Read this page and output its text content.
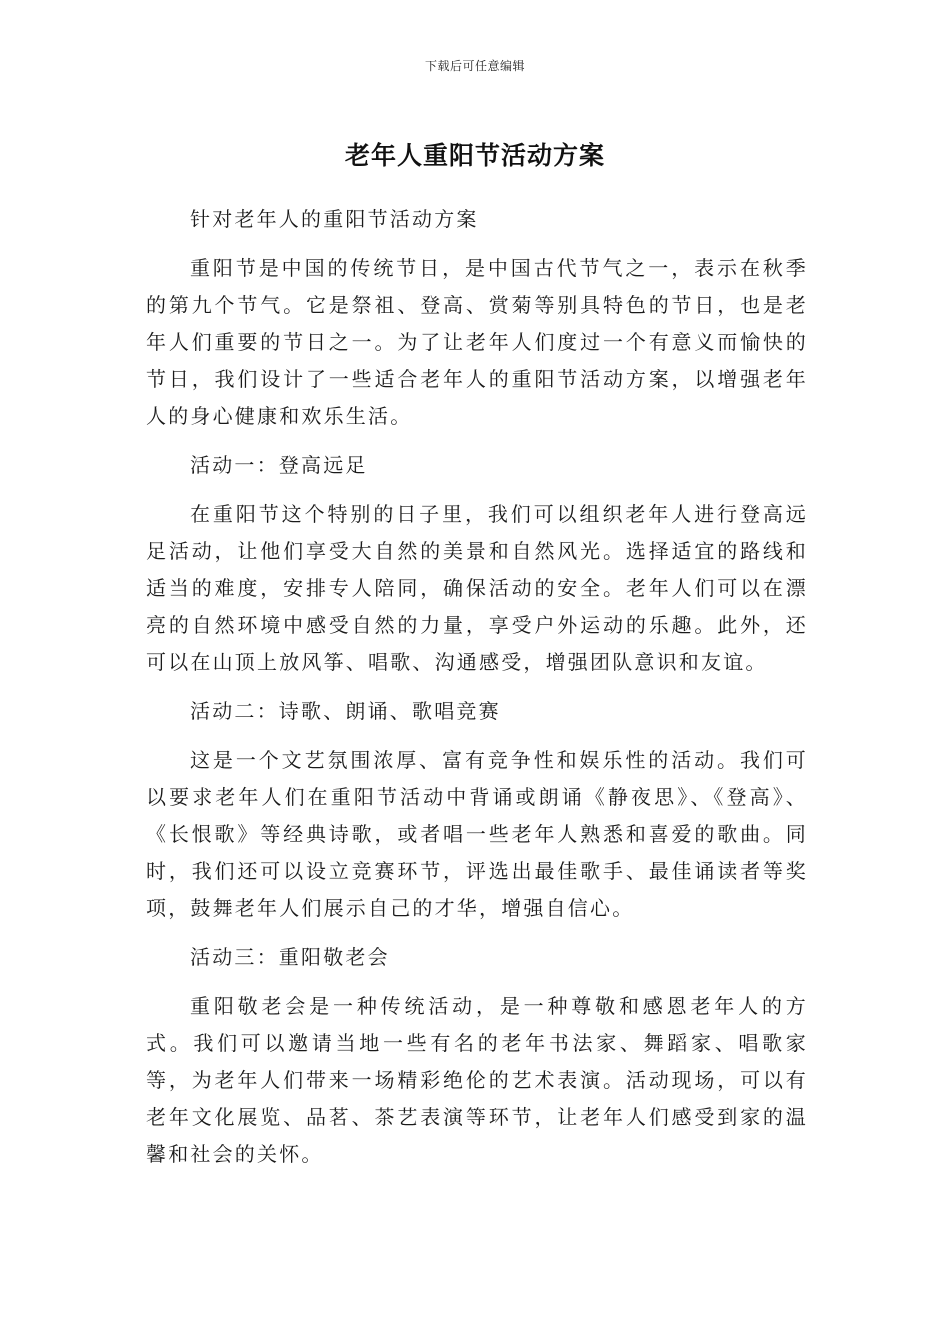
下载后可任意编辑
老年人重阳节活动方案

针对老年人的重阳节活动方案

重阳节是中国的传统节日，是中国古代节气之一，表示在秋季的第九个节气。它是祭祖、登高、赏菊等别具特色的节日，也是老年人们重要的节日之一。为了让老年人们度过一个有意义而愉快的节日，我们设计了一些适合老年人的重阳节活动方案，以增强老年人的身心健康和欢乐生活。

活动一：登高远足

在重阳节这个特别的日子里，我们可以组织老年人进行登高远足活动，让他们享受大自然的美景和自然风光。选择适宜的路线和适当的难度，安排专人陪同，确保活动的安全。老年人们可以在漂亮的自然环境中感受自然的力量，享受户外运动的乐趣。此外，还可以在山顶上放风筝、唱歌、沟通感受，增强团队意识和友谊。

活动二：诗歌、朗诵、歌唱竞赛

这是一个文艺氛围浓厚、富有竞争性和娱乐性的活动。我们可以要求老年人们在重阳节活动中背诵或朗诵《静夜思》、《登高》、《长恨歌》等经典诗歌，或者唱一些老年人熟悉和喜爱的歌曲。同时，我们还可以设立竞赛环节，评选出最佳歌手、最佳诵读者等奖项，鼓舞老年人们展示自己的才华，增强自信心。

活动三：重阳敬老会

重阳敬老会是一种传统活动，是一种尊敬和感恩老年人的方式。我们可以邀请当地一些有名的老年书法家、舞蹈家、唱歌家等，为老年人们带来一场精彩绝伦的艺术表演。活动现场，可以有老年文化展览、品茗、茶艺表演等环节，让老年人们感受到家的温馨和社会的关怀。
